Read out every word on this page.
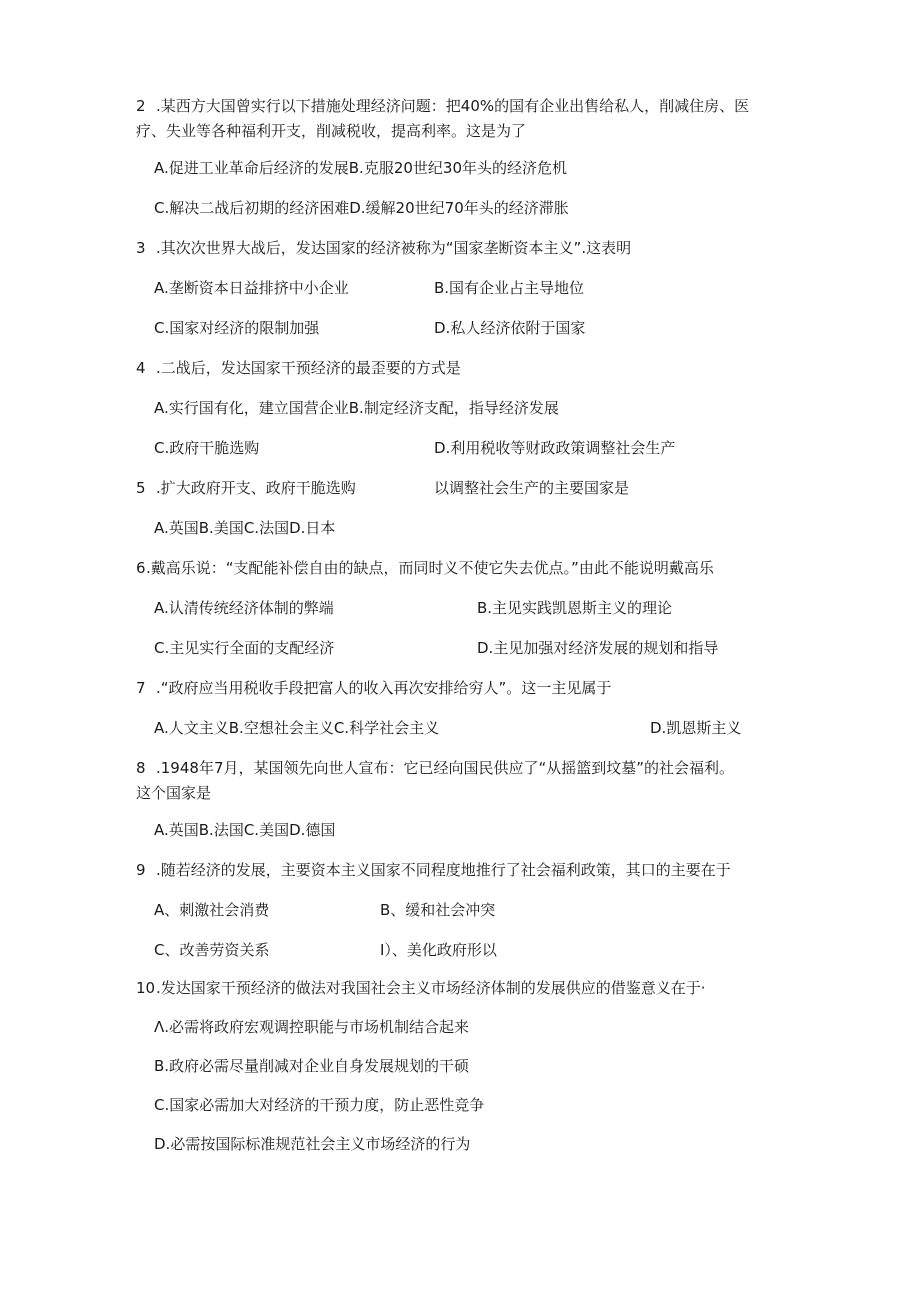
2 .某西方大国曾实行以下措施处理经济问题：把40%的国有企业出售给私人，削减住房、医
疗、失业等各种福利开支，削减税收，提高利率。这是为了
A.促进工业革命后经济的发展B.克服20世纪30年头的经济危机
C.解决二战后初期的经济困难D.缓解20世纪70年头的经济滞胀
3 .其次次世界大战后，发达国家的经济被称为“国家垄断资本主义”.这表明
A.垄断资本日益排挤中小企业	B.国有企业占主导地位
C.国家对经济的限制加强	D.私人经济依附于国家
4 .二战后，发达国家干预经济的最歪要的方式是
A.实行国有化，建立国营企业B.制定经济支配，指导经济发展
C.政府干脆选购	D.利用税收等财政政策调整社会生产
5 .扩大政府开支、政府干脆选购	以调整社会生产的主要国家是
A.英国B.美国C.法国D.日本
6 .戴高乐说：“支配能补偿自由的缺点，而同时义不使它失去优点。”由此不能说明戴高乐
A.认清传统经济体制的弊端	B.主见实践凯恩斯主义的理论
C.主见实行全面的支配经济	D.主见加强对经济发展的规划和指导
7 .“政府应当用税收手段把富人的收入再次安排给穷人”。这一主见属于
A.人文主义B.空想社会主义C.科学社会主义	D.凯恩斯主义
8 .1948年7月，某国领先向世人宣布：它已经向国民供应了“从摇篮到坟墓”的社会福利。
这个国家是
A.英国B.法国C.美国D.德国
9 .随若经济的发展，主要资本主义国家不同程度地推行了社会福利政策，其口的主要在于
A、刺激社会消费	B、缓和社会冲突
C、改善劳资关系	I）、美化政府形以
10 .发达国家干预经济的做法对我国社会主义市场经济体制的发展供应的借鉴意义在于·
Λ.必需将政府宏观调控职能与市场机制结合起来
B.政府必需尽量削减对企业自身发展规划的干硕
C.国家必需加大对经济的干预力度，防止恶性竞争
D.必需按国际标准规范社会主义市场经济的行为
